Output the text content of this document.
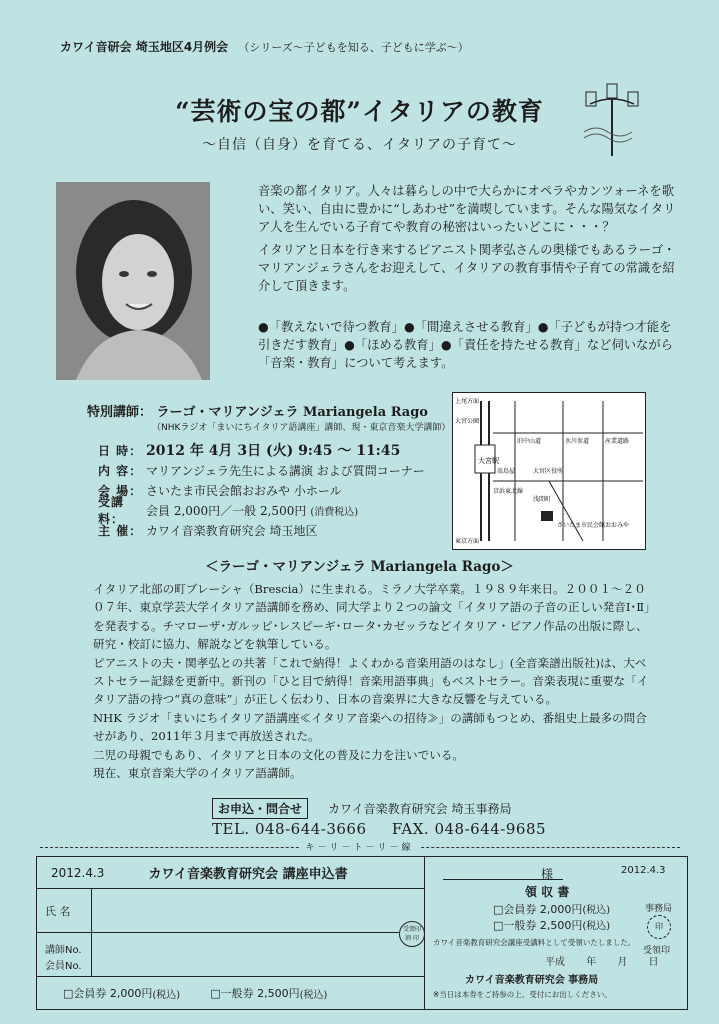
カワイ音研会 埼玉地区4月例会 （シリーズ～子どもを知る、子どもに学ぶ～）
“芸術の宝の都”イタリアの教育
～自信（自身）を育てる、イタリアの子育て～

音楽の都イタリア。人々は暮らしの中で大らかにオペラやカンツォーネを歌い、笑い、自由に豊かに“しあわせ”を満喫しています。そんな陽気なイタリア人を生んでいる子育てや教育の秘密はいったいどこに・・・？

イタリアと日本を行き来するピアニスト関孝弘さんの奥様でもあるラーゴ・マリアンジェラさんをお迎えして、イタリアの教育事情や子育ての常識を紹介して頂きます。

●「教えないで待つ教育」●「間違えさせる教育」●「子どもが持つ才能を引きだす教育」●「ほめる教育」●「責任を持たせる教育」など伺いながら「音楽・教育」について考えます。
特別講師： ラーゴ・マリアンジェラ Mariangela Rago
（NHKラジオ「まいにちイタリア語講座」講師、現・東京音楽大学講師）
日 時： 2012 年 4月 3日 (火) 9:45 ～ 11:45
内 容： マリアンジェラ先生による講演 および質問コーナー
会 場： さいたま市民会館おおみや 小ホール
受講料：
会員 2,000円／一般 2,500円 (消費税込)
主 催： カワイ音楽教育研究会 埼玉地区
上尾方面
大宮公園
大宮駅
旧中山道	氷川参道	産業道路
髙島屋	大宮区役所
浅間町
京浜東北線
さいたま市民会館おおみや
東京方面
＜ラーゴ・マリアンジェラ Mariangela Rago＞

イタリア北部の町ブレーシャ（Brescia）に生まれる。ミラノ大学卒業。１９８９年来日。２００１～２００７年、東京学芸大学イタリア語講師を務め、同大学より２つの論文「イタリア語の子音の正しい発音Ⅰ･Ⅱ」を発表する。チマローザ･ガルッピ･レスピーギ･ロータ･カゼッラなどイタリア・ピアノ作品の出版に際し、研究・校訂に協力、解説などを執筆している。

ピアニストの夫・関孝弘との共著「これで納得！よくわかる音楽用語のはなし」(全音楽譜出版社)は、大ベストセラー記録を更新中。新刊の「ひと目で納得！音楽用語事典」もベストセラー。音楽表現に重要な「イタリア語の持つ“真の意味”」が正しく伝わり、日本の音楽界に大きな反響を与えている。

NHK ラジオ「まいにちイタリア語講座≪イタリア音楽への招待≫」の講師もつとめ、番組史上最多の問合せがあり、2011年３月まで再放送された。

二児の母親でもあり、イタリアと日本の文化の普及に力を注いでいる。

現在、東京音楽大学のイタリア語講師。

お申込・問合せ	カワイ音楽教育研究会 埼玉事務局
TEL. 048-644-3666 FAX. 048-644-9685
キ－リ－ト－リ－線
2012.4.3	カワイ音楽教育研究会 講座申込書
氏 名
講師No.
会員No.
□会員券 2,000円 (税込)	□一般券 2,500円 (税込)
受領印
割 印
様	2012.4.3
領 収 書
□会員券 2,000円(税込)
□一般券 2,500円(税込)
カワイ音楽教育研究会講座受講料として受領いたしました。
平成 年 月 日
カワイ音楽教育研究会 事務局
※当日は本券をご持参の上、受付にお出しください。
事務局
印
受領印
